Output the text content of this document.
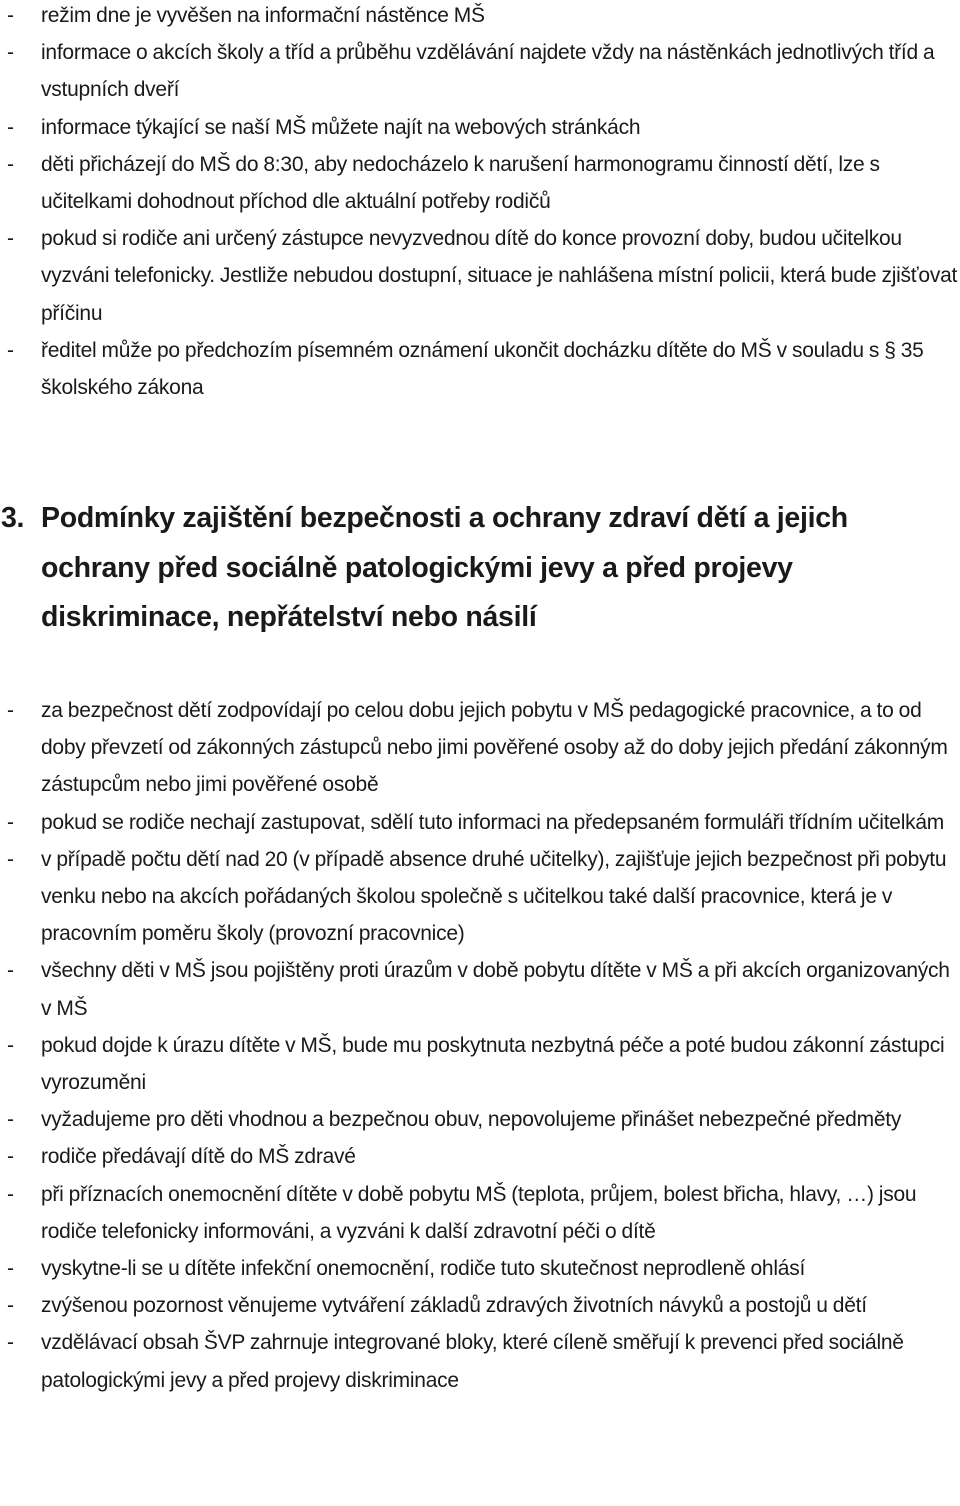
- režim dne je vyvěšen na informační nástěnce MŠ
- informace o akcích školy a tříd a průběhu vzdělávání najdete vždy na nástěnkách jednotlivých tříd a vstupních dveří
- informace týkající se naší MŠ můžete najít na webových stránkách
- děti přicházejí do MŠ do 8:30, aby nedocházelo k narušení harmonogramu činností dětí, lze s učitelkami dohodnout příchod dle aktuální potřeby rodičů
- pokud si rodiče ani určený zástupce nevyzvednou dítě do konce provozní doby, budou učitelkou vyzváni telefonicky. Jestliže nebudou dostupní, situace je nahlášena místní policii, která bude zjišťovat příčinu
- ředitel může po předchozím písemném oznámení ukončit docházku dítěte do MŠ v souladu s § 35 školského zákona
3. Podmínky zajištění bezpečnosti a ochrany zdraví dětí a jejich ochrany před sociálně patologickými jevy a před projevy diskriminace, nepřátelství nebo násilí
- za bezpečnost dětí zodpovídají po celou dobu jejich pobytu v MŠ pedagogické pracovnice, a to od doby převzetí od zákonných zástupců nebo jimi pověřené osoby až do doby jejich předání zákonným zástupcům nebo jimi pověřené osobě
- pokud se rodiče nechají zastupovat, sdělí tuto informaci na předepsaném formuláři třídním učitelkám
- v případě počtu dětí nad 20 (v případě absence druhé učitelky), zajišťuje jejich bezpečnost při pobytu venku nebo na akcích pořádaných školou společně s učitelkou také další pracovnice, která je v pracovním poměru školy (provozní pracovnice)
- všechny děti v MŠ jsou pojištěny proti úrazům v době pobytu dítěte v MŠ a při akcích organizovaných v MŠ
- pokud dojde k úrazu dítěte v MŠ, bude mu poskytnuta nezbytná péče a poté budou zákonní zástupci vyrozuměni
- vyžadujeme pro děti vhodnou a bezpečnou obuv, nepovolujeme přinášet nebezpečné předměty
- rodiče předávají dítě do MŠ zdravé
- při příznacích onemocnění dítěte v době pobytu MŠ (teplota, průjem, bolest břicha, hlavy, …) jsou rodiče telefonicky informováni, a vyzváni k další zdravotní péči o dítě
- vyskytne-li se u dítěte infekční onemocnění, rodiče tuto skutečnost neprodleně ohlásí
- zvýšenou pozornost věnujeme vytváření základů zdravých životních návyků a postojů u dětí
- vzdělávací obsah ŠVP zahrnuje integrované bloky, které cíleně směřují k prevenci před sociálně patologickými jevy a před projevy diskriminace
